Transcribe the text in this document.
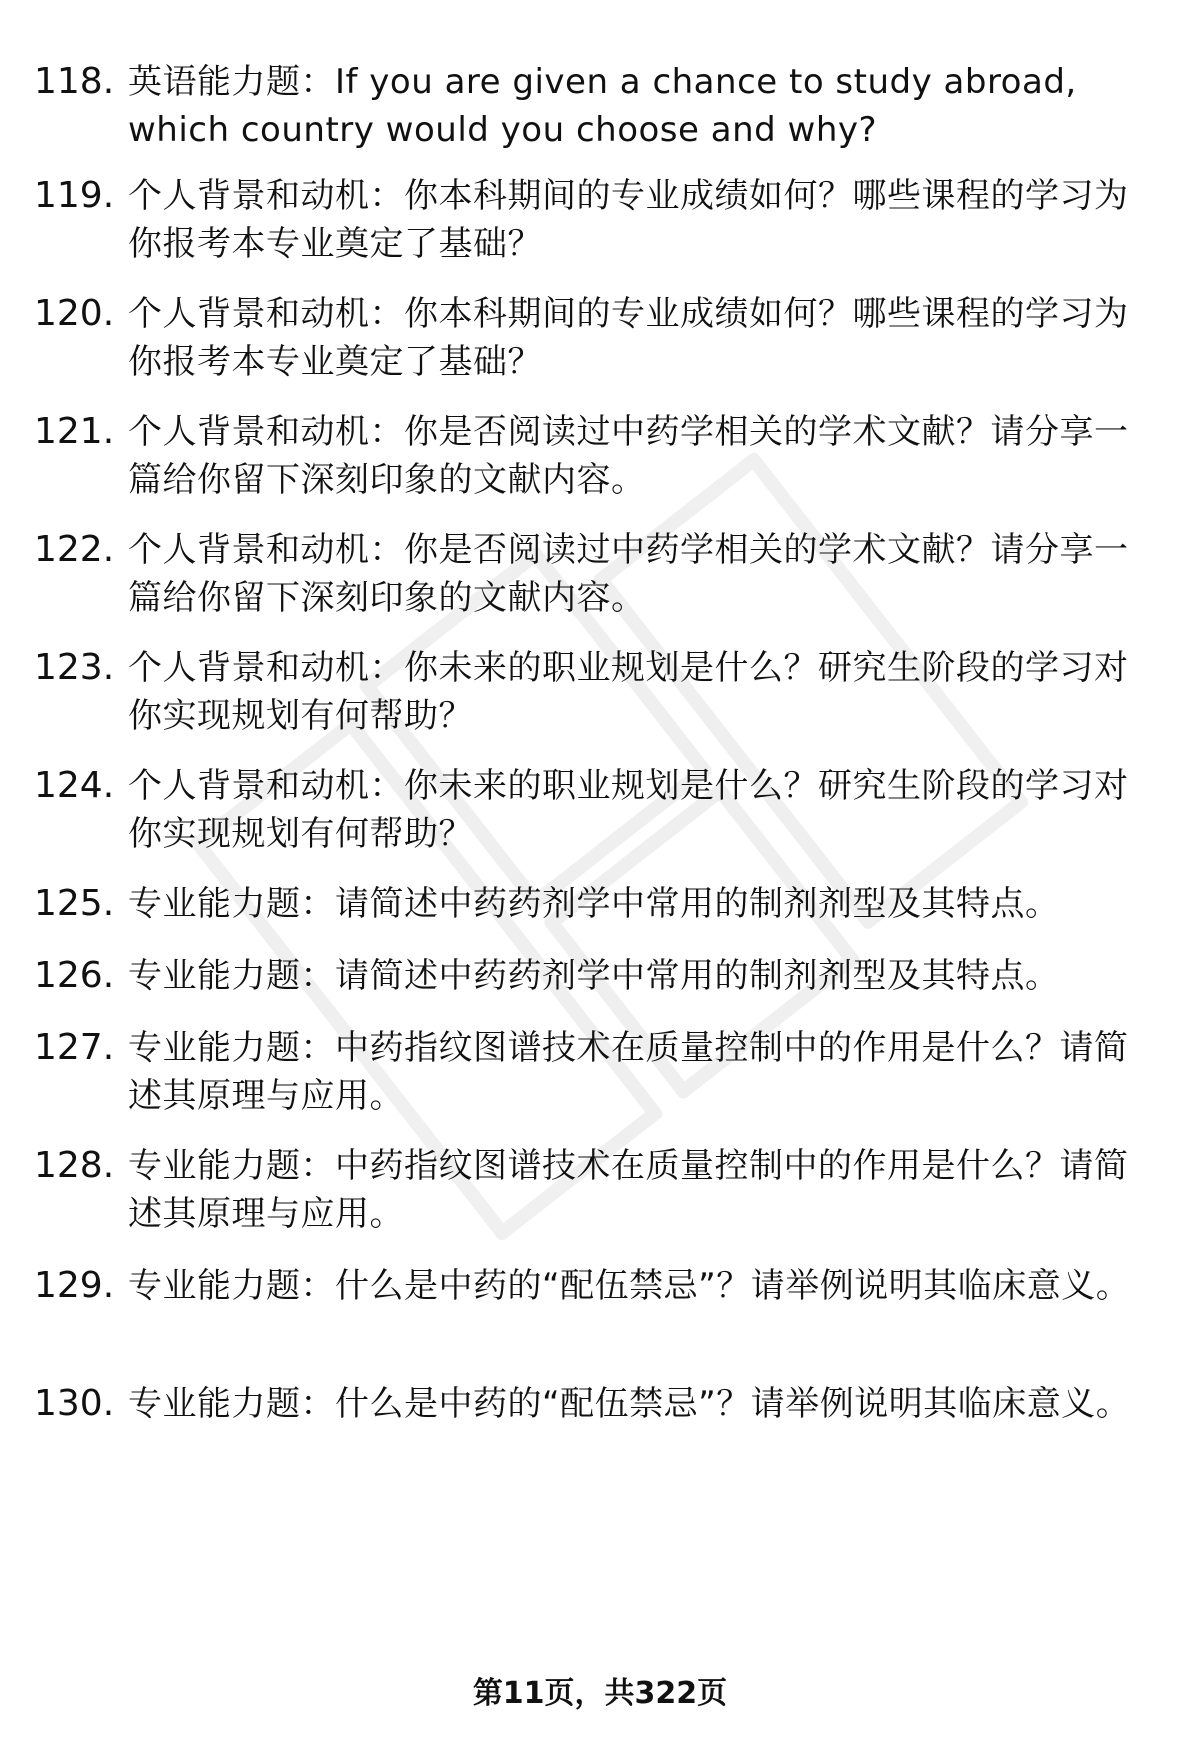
118. 英语能力题：If you are given a chance to study abroad, which country would you choose and why?
119. 个人背景和动机：你本科期间的专业成绩如何？哪些课程的学习为你报考本专业奠定了基础？
120. 个人背景和动机：你本科期间的专业成绩如何？哪些课程的学习为你报考本专业奠定了基础？
121. 个人背景和动机：你是否阅读过中药学相关的学术文献？请分享一篇给你留下深刻印象的文献内容。
122. 个人背景和动机：你是否阅读过中药学相关的学术文献？请分享一篇给你留下深刻印象的文献内容。
123. 个人背景和动机：你未来的职业规划是什么？研究生阶段的学习对你实现规划有何帮助？
124. 个人背景和动机：你未来的职业规划是什么？研究生阶段的学习对你实现规划有何帮助？
125. 专业能力题：请简述中药药剂学中常用的制剂剂型及其特点。
126. 专业能力题：请简述中药药剂学中常用的制剂剂型及其特点。
127. 专业能力题：中药指纹图谱技术在质量控制中的作用是什么？请简述其原理与应用。
128. 专业能力题：中药指纹图谱技术在质量控制中的作用是什么？请简述其原理与应用。
129. 专业能力题：什么是中药的“配伍禁忌”？请举例说明其临床意义。
130. 专业能力题：什么是中药的“配伍禁忌”？请举例说明其临床意义。
第11页，共322页
